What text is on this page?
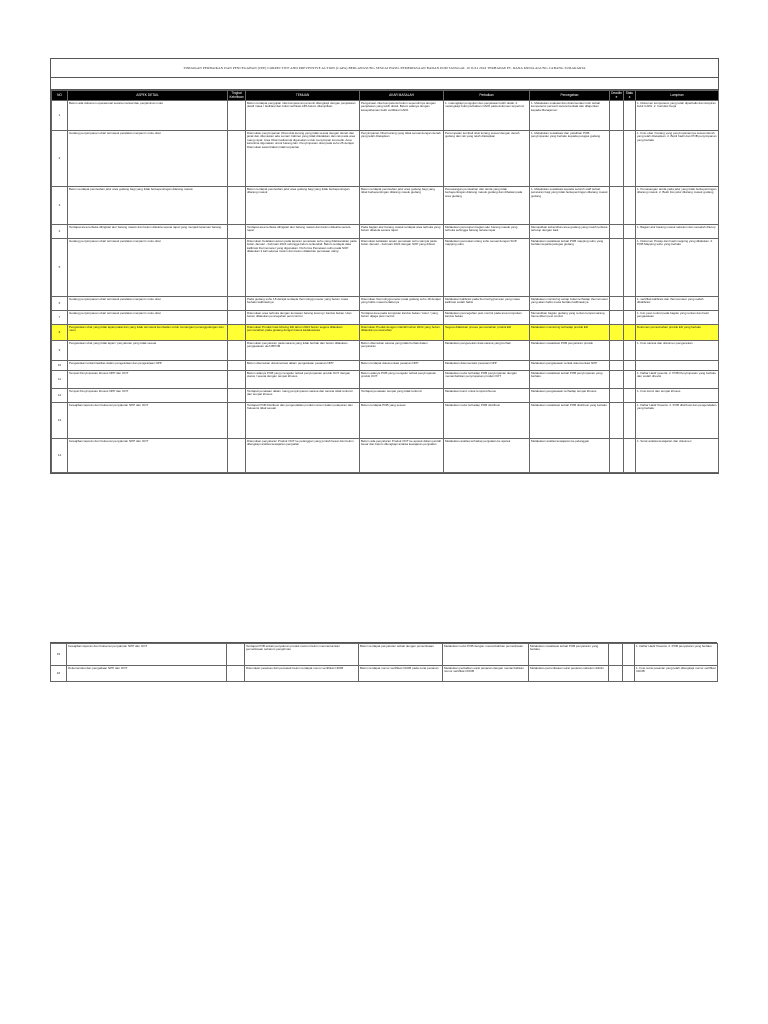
TINDAKAN PERBAIKAN DAN PENCEGAHAN (TPP) CORRECTIVE AND PREVENTIVE ACTION (CAPA) BERLANGSUNG SESUAI HASIL PEMERIKSAAN BADAN POM TANGGAL 10 JULI 2024 TERHADAP PT. DANA MUDA AGUNG CABANG SURAKARTA
NO	ASPEK DETAIL	Tingkat Kekritisan	TEMUAN	AKAR MASALAH	Perbaikan	Pencegahan	Deadline	Status	Lampiran
1	Belum ada dokumen operasional secara manual dan penjaminan mutu		Belum terdapat pengujian nilai kompetensi personil dilengkapi dengan penjelasan detail masa / fasilitasi dan bukti verifikasi APA belum ditampilkan	Pengunaan nilai kompetensi belum sepenuhnya dengan penjelasan yang lebih detail. Belum adanya dengan kesepahaman bukti verifikasi CAPA	1. melengkapi pengujian dan penjelasan lebih detail. 2. melengkapi bukti perbaikan CAPA pada dokumen terperinci	1. Melakukan evaluasi dan dokumentasi rutin terkait kompetensi personil secara berkala dan dilaporkan kepada Manajemen			1. Dokumen kompetensi yang telah diperbaiki dan lampiran bukti CAPA. 2. Instruksi Kerja
2	Gudang penyimpanan obat/ termasuk peralatan menjamin mutu obat		Ditemukan penyimpanan Obat obat kurang yang tidak sesuai dengan denah dan jarak dan ditemukan ada Lemari Cabinet yang tidak diletakkan dan rak pada area ruang rapat. Area Obat tradisional digunakan untuk menyimpan kosmetik. Area karantina digunakan untuk barang lain. Penyimpanan obat pada suhu 25 derajat. Ditemukan kelembaban tidak terpantau	Penyimpanan Obat kurang yang tidak sesuai dengan denah yang telah ditetapkan	Penempatan kembali obat kurang sesuai dengan denah gudang dan rak yang telah ditetapkan	1. Melakukan sosialisasi dan pelatihan POB penyimpanan yang berlaku kepada petugas gudang			1. Foto obat / barang yang penyimpanannya sesuai denah yang telah ditetapkan. 2. Bukti hadir dan POB penyimpanan yang berlaku
3	Belum terdapat pemisahan jalur area gudang bagi yang tidak berkepentingan dilarang masuk		Belum terdapat pemisahan jalur area gudang bagi yang tidak berkepentingan dilarang masuk	Belum terdapat pemisahan jalur area gudang bagi yang tidak berkepentingan dilarang masuk gudang	Pemasangan pemisahan dan tanda yang tidak berkepentingan dilarang masuk gudang dan dibatasi pada area gudang	1. Melakukan sosialisasi kepada seluruh staff terkait peraturan bagi yang tidak berkepentingan dilarang masuk gudang			1. Pemasangan tanda pada jalur yang tidak berkepentingan dilarang masuk. 2. Bukti foto jalur dilarang masuk gudang
4	Terdapat area terbuka dilingkari alur barang masuk dan belum dikelola sesuai rapat yang menjadi tanaman barang		Terdapat area terbuka dilingkari alur barang masuk dan belum dikelola secara rapat	Pada bagian alur barang masuk terdapat area terbuka yang belum dikelola secara rapat	Melakukan penutupan bagian alur barang masuk yang terbuka sehingga barang tertata rapat	Memastikan kebersihan area gudang yang masih terbuka tertutup dengan baik			1. Bagian alur barang masuk sebelum dan sesudah ditutup
5	Gudang penyimpanan obat/ termasuk peralatan menjamin mutu obat		Ditemukan Kelalaian acuan pada laporan pemetaan suhu yang dilaksanakan pada bulan Januari - Februari 2024 sehingga belum terkendali. Belum terdapat data kalibrasi thermometer yang digunakan. Performa Pemetaan suhu pada SOP dilakukan 3 kali selama musim dan belum dilakukan pemetaan ulang	Ditemukan kelalaian acuan pemetaan suhu sampai pada bulan Januari - Februari 2024 dengan SOP yang dibuat	Melakukan pemetaan ulang suhu sesuai dengan SOP mapping suhu	Melakukan sosialisasi terkait POB mapping suhu yang berlaku kepada petugas gudang			1. Dokumen Protap dan hasil mapping yang dilakukan. 2. POB Mapping suhu yang berlaku
6	Gudang penyimpanan obat/ termasuk peralatan menjamin mutu obat		Pada gudang suhu 18 derajat terdapat thermohygrometer yang belum masa berlaku kalibrasinya	Ditemukan thermohygrometer pada gudang suhu 18 derajat yang habis masa berlakunya	Melakukan kalibrasi pada thermohygrometer yang masa kalibrasi sudah habis	Melakukan monitoring setiap bulan terhadap thermometer yang akan habis masa berlaku kalibrasinya			1. sertifikat kalibrasi dan thermometer yang sudah dikalibrasi
7	Gudang penyimpanan obat/ termasuk peralatan menjamin mutu obat		Ditemukan area terbuka dengan kemasan barang kosong / kardus bekas / dan belum dilakukan pencegahan pest control	Terdapat area pada tumpukan kardus bekas / kotor / yang belum dijaga pest control	Melakukan pencegahan pest control pada area tumpukan kardus bekas	Memastikan bagian gudang yang rentan tempat sarang hama diberi pest control			1. foto pest control pada bagian yang rentan dan hasil pengawasan
8	Pengelolaan obat yang tidak layak pakai dan yang tidak termasuk kembalian untuk menangani penanggulangan dan mutu		Ditemukan Produk Fast-Moving ED tahun 2024 belum segera dilakukan pemusnahan pada gudang dengan kasus kadaluwarsa	Ditemukan Produk dengan nilai ED tahun 2024 yang belum dilakukan pemusnahan	Segera dilakukan proses pemusnahan produk ED	Melakukan monitoring terhadap produk ED			Dokumen pemusnahan produk ED yang berlaku
9	Pengelolaan obat yang tidak layak / penyaluran yang tidak sesuai		Ditemukan penyaluran pada sarana yang tidak berhak dan belum dilakukan pengawasan oleh BPOM	Belum ditemukan sarana yang tidak berhak dalam penyaluran	Melakukan pengecekan data sarana yang berhak	Melakukan sosialisasi POB penyaluran produk			1. Foto sarana dan dokumen pengecekan
10	Pengelolaan terkait fasilitas dalam pengelolaan dan pengelolaan NPP		Belum ditemukan dokumentasi dalam pengelolaan pesanan NPP	Belum terdapat dokumentasi pesanan NPP	Melakukan dokumentasi pesanan NPP	Melakukan pengawasan terkait dokumentasi NPP			
11	Tempat Penyimpanan khusus NPP dan OOT		Belum adanya POB yang mengatur terkait penyimpanan produk OOT dengan status / sesuai dengan tempat khusus	Belum adanya POB yang mengatur terkait penyimpanan produk OOT	Melakukan revisi terhadap POB penyimpanan dengan menambahkan penyimpanan produk OOT	Melakukan sosialisasi terkait POB penyimpanan yang berlaku			1. Daftar Hadir peserta. 2. POB Penyimpanan yang berlaku dan sudah direvisi
12	Tempat Penyimpanan khusus NPP dan OOT		Terdapat penataan dalam ruang penyimpanan sarana dan sarana tidak terkunci dan tempat khusus	Terdapat penataan tempat yang tidak terkunci	Melakukan kunci untuk tempat khusus	Melakukan pengawasan terhadap tempat khusus			1. Foto kunci dan tempat khusus
13	Kewajiban laporan dan frekuensi penyaluran NPP dan OOT		Terdapat POB Distribusi dan pengendalian produk namun dalam pelaporan dan frekuensi tidak sesuai	Belum terdapat POB yang sesuai	Melakukan revisi terhadap POB distribusi	Melakukan sosialisasi terkait POB distribusi yang berlaku			1. Daftar Hadir Peserta. 2. POB distribusi dan pengendalian yang berlaku
14	Kewajiban laporan dan frekuensi penyaluran NPP dan OOT		Ditemukan penyaluran Produk OOT ke pelanggan yang jumlah besar dan belum dilengkapi analisa kewajaran penjualan	Belum ada penyaluran Produk OOT ke apotek dalam jumlah besar dan belum dilengkapi analisa kewajaran penjualan	Melakukan analisa terhadap penjualan ke apotek	Melakukan analisa kewajaran ke pelanggan			1. Surat analisa kewajaran dan dokumen
15	Kewajiban laporan dan frekuensi penyaluran NPP dan OOT		Terdapat POB terkait penyaluran produk namun belum mencantumkan pemeriksaan sebelum pengiriman	Belum terdapat penyaluran terkait dengan pemeriksaan	Melakukan revisi POB dengan menambahkan pemeriksaan	Melakukan sosialisasi terkait POB penyaluran yang berlaku			1. Daftar Hadir Peserta. 2. POB penyaluran yang berlaku
16	Dokumentasi dan pengadaan NPP dan OOT		Ditemukan pesanan dari pemasok belum terdapat nomor sertifikat CDOB	Belum terdapat nomor sertifikat CDOB pada surat pesanan	Melakukan perbaikan surat pesanan dengan menambahkan nomor sertifikat CDOB	Melakukan pemeriksaan surat pesanan sebelum dikirim			1. Foto surat pesanan yang telah dilengkapi nomor sertifikat CDOB
